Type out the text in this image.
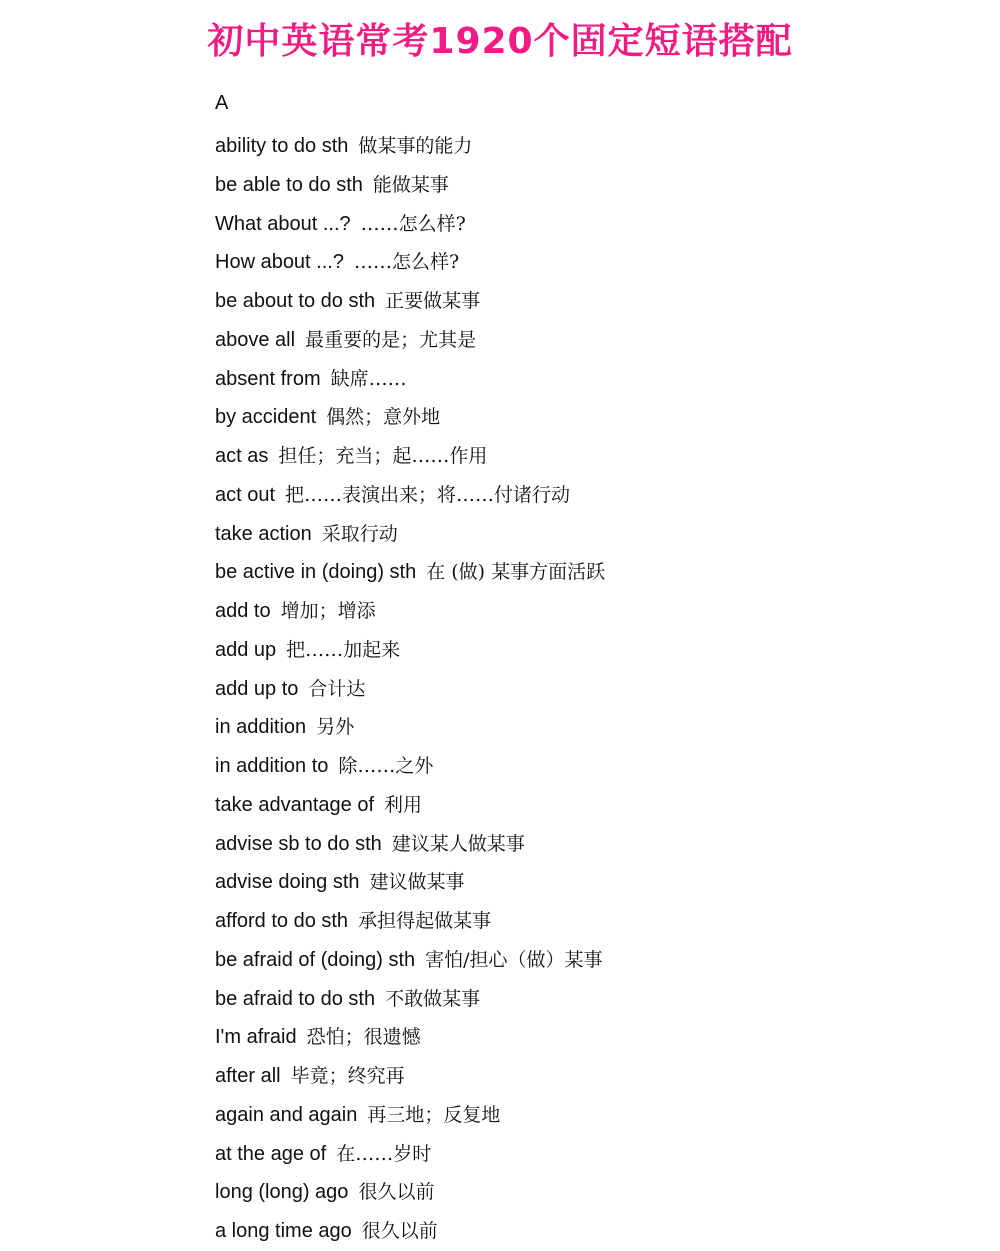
初中英语常考1920个固定短语搭配
A
ability to do sth 做某事的能力
be able to do sth 能做某事
What about ...? ……怎么样?
How about ...? ……怎么样?
be about to do sth 正要做某事
above all 最重要的是；尤其是
absent from 缺席……
by accident 偶然；意外地
act as 担任；充当；起……作用
act out 把……表演出来；将……付诸行动
take action 采取行动
be active in (doing) sth 在 (做) 某事方面活跃
add to 增加；增添
add up 把……加起来
add up to 合计达
in addition 另外
in addition to 除……之外
take advantage of 利用
advise sb to do sth 建议某人做某事
advise doing sth 建议做某事
afford to do sth 承担得起做某事
be afraid of (doing) sth 害怕/担心（做）某事
be afraid to do sth 不敢做某事
I'm afraid 恐怕；很遗憾
after all 毕竟；终究再
again and again 再三地；反复地
at the age of 在……岁时
long (long) ago 很久以前
a long time ago 很久以前
